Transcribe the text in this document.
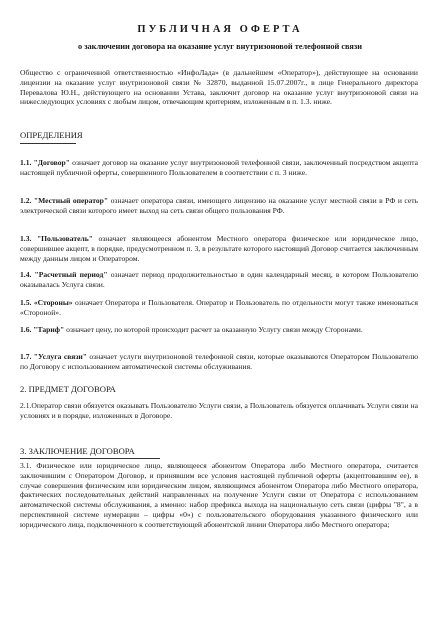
ПУБЛИЧНАЯ ОФЕРТА

о заключении договора на оказание услуг внутризоновой телефонной связи

Общество с ограниченной ответственностью «ИнфоЛада» (в дальнейшем «Оператор»), действующее на основании лицензии на оказание услуг внутризоновой связи № 32870, выданной 15.07.2007г., в лице Генерального директора Перевалова Ю.Н., действующего на основании Устава, заключит договор на оказание услуг внутризоновой связи на нижеследующих условиях с любым лицом, отвечающим критериям, изложенным в п. 1.3. ниже.

ОПРЕДЕЛЕНИЯ

1.1. "Договор" означает договор на оказание услуг внутризоновой телефонной связи, заключенный посредством акцепта настоящей публичной оферты, совершенного Пользователем в соответствии с п. 3 ниже.

1.2. "Местный оператор" означает оператора связи, имеющего лицензию на оказание услуг местной связи в РФ и сеть электрической связи которого имеет выход на сеть связи общего пользования РФ.

1.3. "Пользователь" означает являющееся абонентом Местного оператора физическое или юридическое лицо, совершившее акцепт, в порядке, предусмотренном п. 3, в результате которого настоящий Договор считается заключенным между данным лицом и Оператором.

1.4. "Расчетный период" означает период продолжительностью в один календарный месяц, в котором Пользователю оказывалась Услуга связи.

1.5. «Стороны» означает Оператора и Пользователя. Оператор и Пользователь по отдельности могут также именоваться «Стороной».

1.6. "Тариф" означает цену, по которой происходит расчет за оказанную Услугу связи между Сторонами.

1.7. "Услуга связи" означает услуги внутризоновой телефонной связи, которые оказываются Оператором Пользователю по Договору с использованием автоматической системы обслуживания.

2. ПРЕДМЕТ ДОГОВОРА

2.1.Оператор связи обязуется оказывать Пользователю Услуги связи, а Пользователь обязуется оплачивать Услуги связи на условиях и в порядке, изложенных в Договоре.

3. ЗАКЛЮЧЕНИЕ ДОГОВОРА

3.1. Физическое или юридическое лицо, являющееся абонентом Оператора либо Местного оператора, считается заключившим с Оператором Договор, и принявшим все условия настоящей публичной оферты (акцептовавшим ее), в случае совершения физическим или юридическим лицом, являющимся абонентом Оператора либо Местного оператора, фактических последовательных действий направленных на получение Услуги связи от Оператора с использованием автоматической системы обслуживания, а именно: набор префикса выхода на национальную сеть связи (цифры "8", а в перспективной системе нумерации – цифры «0») с пользовательского оборудования указанного физического или юридического лица, подключенного к соответствующей абонентской линии Оператора либо Местного оператора;
